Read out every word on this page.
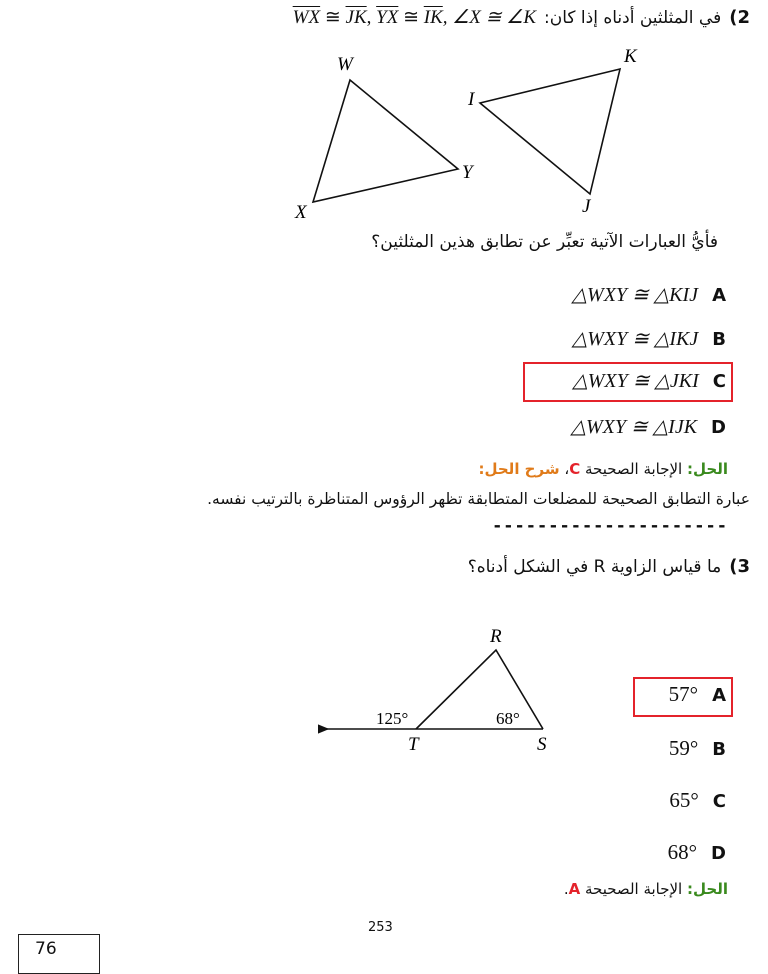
2)
في المثلثين أدناه إذا كان:
$\overline{WX}$ ≅ $\overline{JK}$, $\overline{YX}$ ≅ $\overline{IK}$, ∠X ≅ ∠K
W
X
Y
K
I
J
فأيُّ العبارات الآتية تعبِّر عن تطابق هذين المثلثين؟
△WXY ≅ △KIJ A
△WXY ≅ △IKJ B
△WXY ≅ △JKI C
△WXY ≅ △IJK D
الحل: الإجابة الصحيحة C، شرح الحل:
عبارة التطابق الصحيحة للمضلعات المتطابقة تظهر الرؤوس المتناظرة بالترتيب نفسه.
---------------------
3)
ما قياس الزاوية R في الشكل أدناه؟
R
T	S
125°	68°
57° A
59° B
65° C
68° D
الحل: الإجابة الصحيحة A.
253
76
